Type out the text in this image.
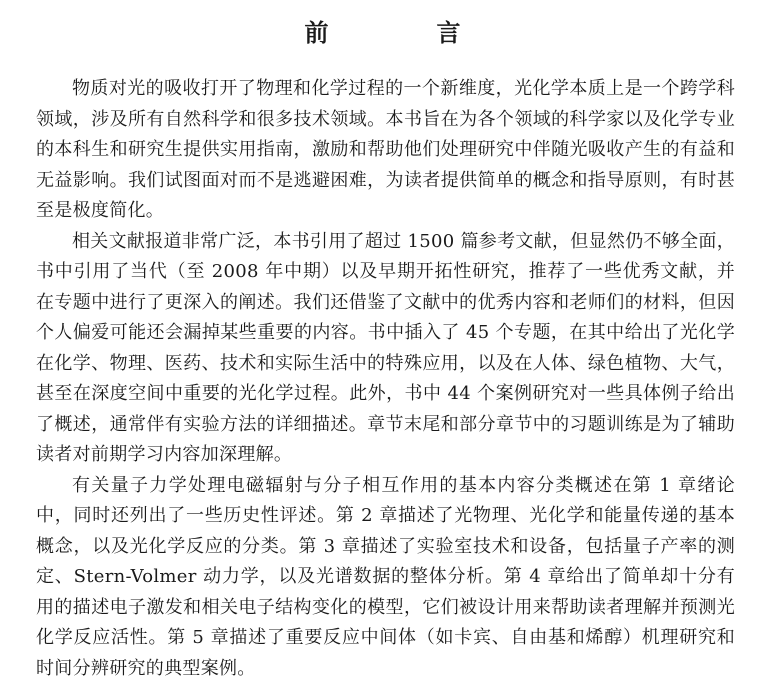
前　言

物质对光的吸收打开了物理和化学过程的一个新维度，光化学本质上是一个跨学科领域，涉及所有自然科学和很多技术领域。本书旨在为各个领域的科学家以及化学专业的本科生和研究生提供实用指南，激励和帮助他们处理研究中伴随光吸收产生的有益和无益影响。我们试图面对而不是逃避困难，为读者提供简单的概念和指导原则，有时甚至是极度简化。

相关文献报道非常广泛，本书引用了超过 1500 篇参考文献，但显然仍不够全面，书中引用了当代（至 2008 年中期）以及早期开拓性研究，推荐了一些优秀文献，并在专题中进行了更深入的阐述。我们还借鉴了文献中的优秀内容和老师们的材料，但因个人偏爱可能还会漏掉某些重要的内容。书中插入了 45 个专题，在其中给出了光化学在化学、物理、医药、技术和实际生活中的特殊应用，以及在人体、绿色植物、大气，甚至在深度空间中重要的光化学过程。此外，书中 44 个案例研究对一些具体例子给出了概述，通常伴有实验方法的详细描述。章节末尾和部分章节中的习题训练是为了辅助读者对前期学习内容加深理解。

有关量子力学处理电磁辐射与分子相互作用的基本内容分类概述在第 1 章绪论中，同时还列出了一些历史性评述。第 2 章描述了光物理、光化学和能量传递的基本概念，以及光化学反应的分类。第 3 章描述了实验室技术和设备，包括量子产率的测定、Stern-Volmer 动力学，以及光谱数据的整体分析。第 4 章给出了简单却十分有用的描述电子激发和相关电子结构变化的模型，它们被设计用来帮助读者理解并预测光化学反应活性。第 5 章描述了重要反应中间体（如卡宾、自由基和烯醇）机理研究和时间分辨研究的典型案例。
